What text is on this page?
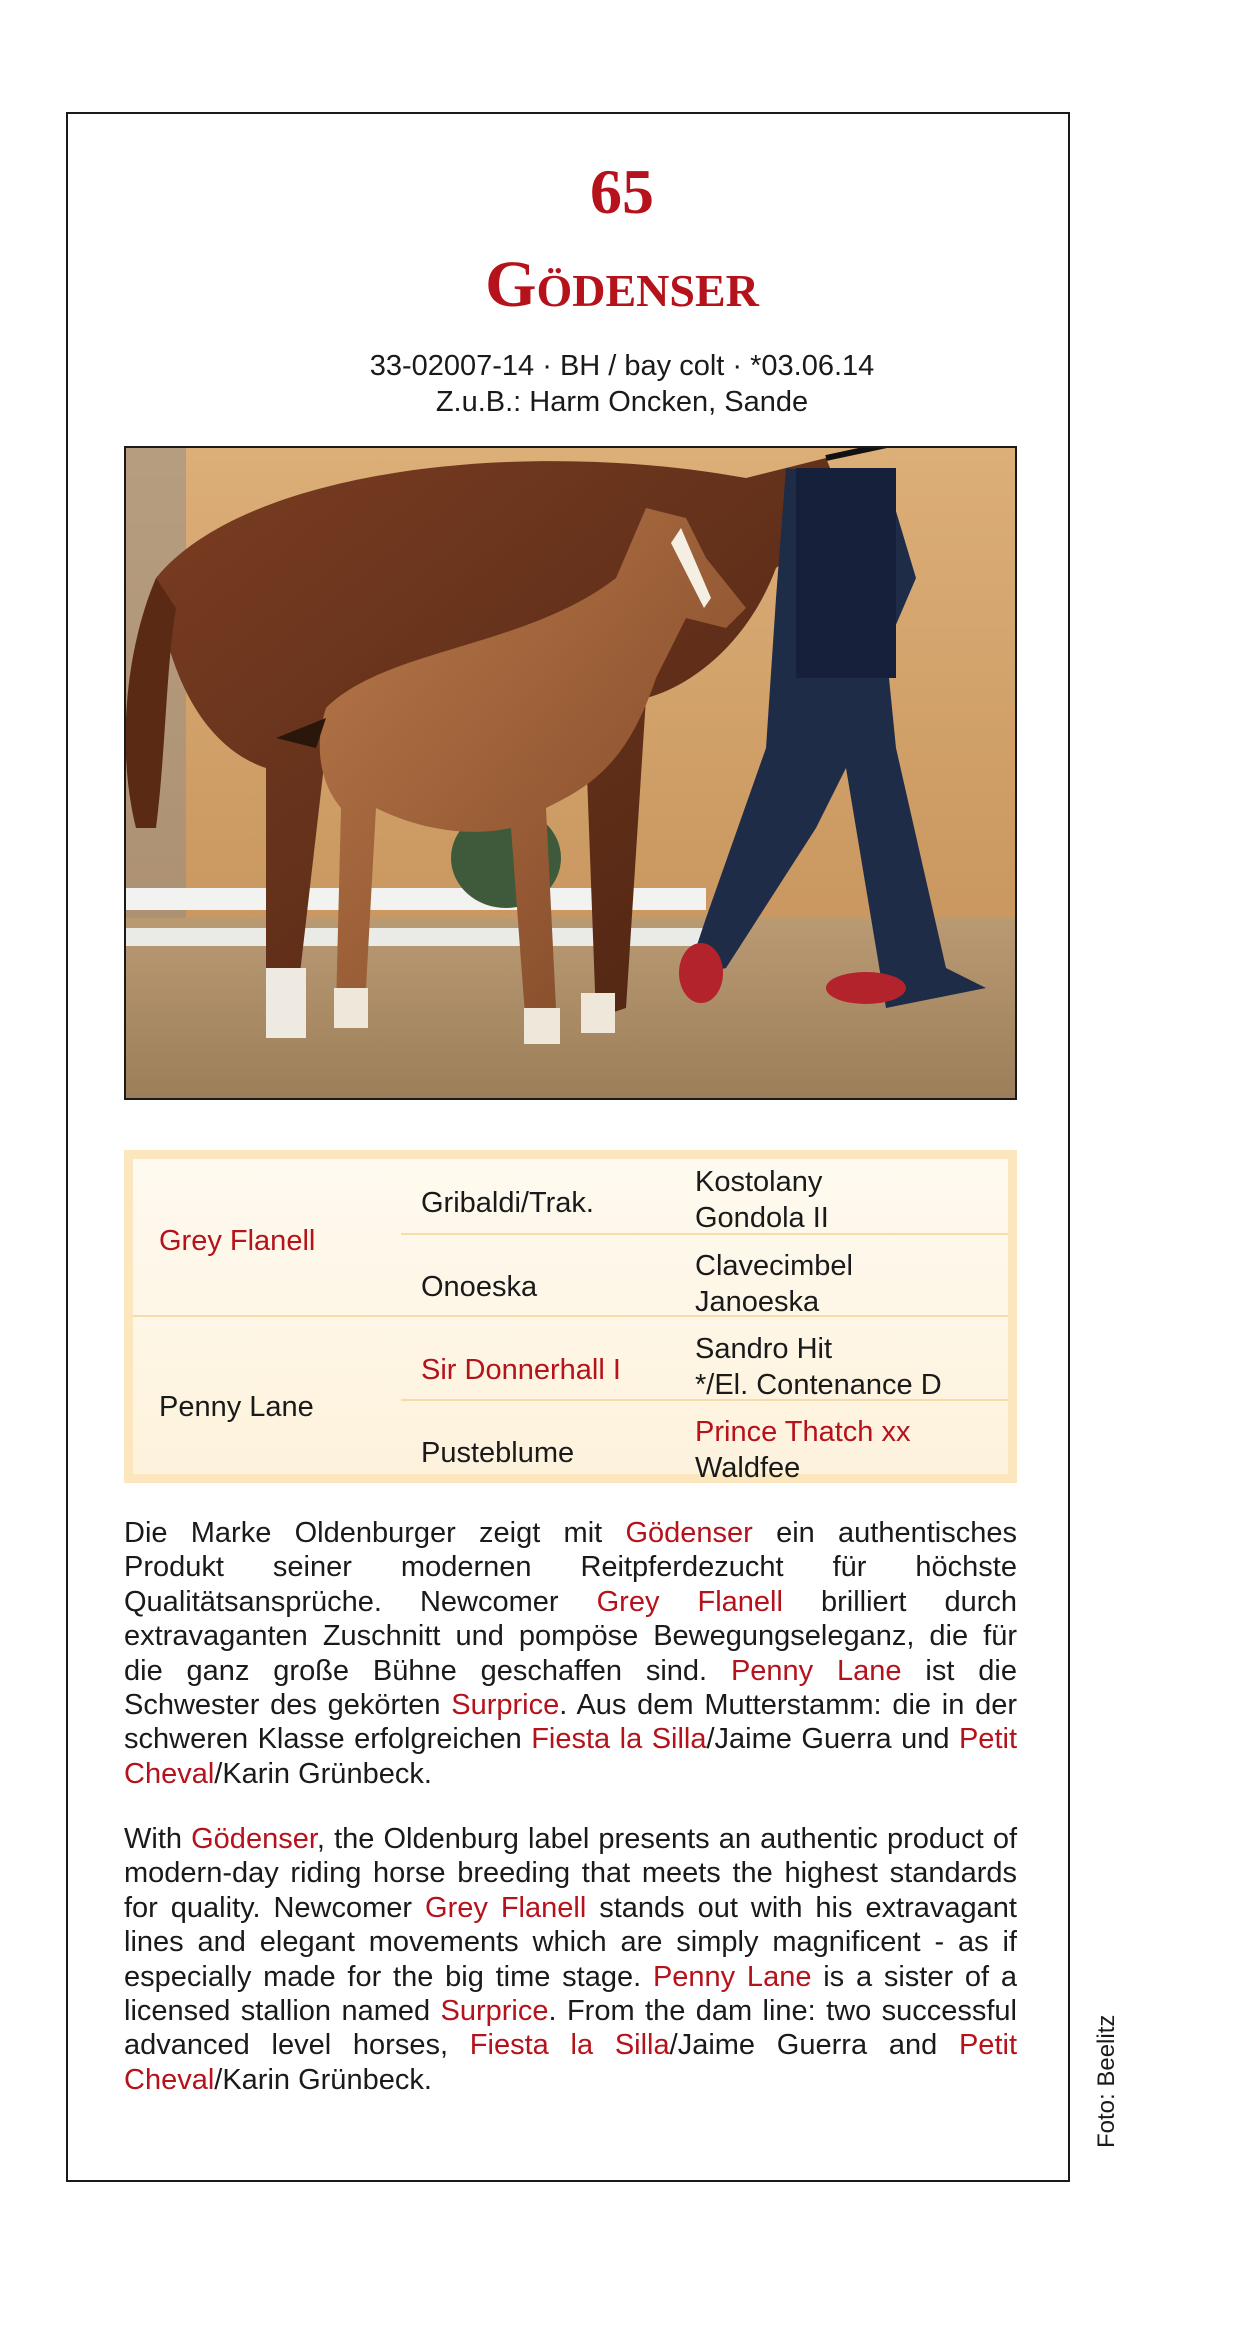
65
Gödenser
33-02007-14 · BH / bay colt · *03.06.14
Z.u.B.: Harm Oncken, Sande
Grey Flanell
Penny Lane
Gribaldi/Trak.
Onoeska
Sir Donnerhall I
Pusteblume
Kostolany
Gondola II
Clavecimbel
Janoeska
Sandro Hit
*/El. Contenance D
Prince Thatch xx
Waldfee
Die Marke Oldenburger zeigt mit Gödenser ein authentisches Produkt seiner modernen Reitpferdezucht für höchste Qualitätsansprüche. Newcomer Grey Flanell brilliert durch extravaganten Zuschnitt und pompöse Bewegungseleganz, die für die ganz große Bühne geschaffen sind. Penny Lane ist die Schwester des gekörten Surprice. Aus dem Mutterstamm: die in der schweren Klasse erfolgreichen Fiesta la Silla/Jaime Guerra und Petit Cheval/Karin Grünbeck.
With Gödenser, the Oldenburg label presents an authentic product of modern-day riding horse breeding that meets the highest standards for quality. Newcomer Grey Flanell stands out with his extravagant lines and elegant movements which are simply magnificent - as if especially made for the big time stage. Penny Lane is a sister of a licensed stallion named Surprice. From the dam line: two successful advanced level horses, Fiesta la Silla/Jaime Guerra and Petit Cheval/Karin Grünbeck.	Foto: Beelitz
